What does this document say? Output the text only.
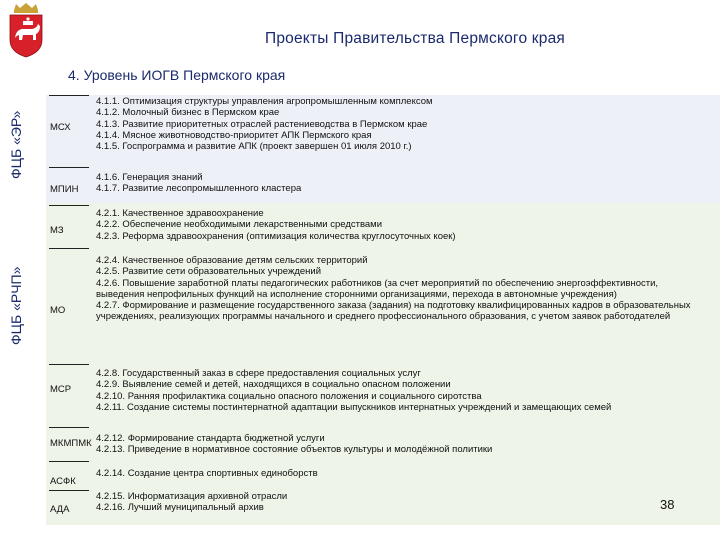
Проекты Правительства Пермского края
4. Уровень ИОГВ Пермского края
ФЦБ «ЭР»
ФЦБ «РЧП»
МСХ
МПИН
МЗ
МО
МСР
МКМПМК
АСФК
АДА
4.1.1. Оптимизация структуры управления агропромышленным комплексом
4.1.2. Молочный бизнес в Пермском крае
4.1.3. Развитие приоритетных отраслей растениеводства в Пермском крае
4.1.4. Мясное животноводство-приоритет АПК Пермского края
4.1.5. Госпрограмма и развитие АПК (проект завершен 01 июля 2010 г.)
4.1.6. Генерация знаний
4.1.7. Развитие лесопромышленного кластера
4.2.1. Качественное здравоохранение
4.2.2. Обеспечение необходимыми лекарственными средствами
4.2.3. Реформа здравоохранения (оптимизация количества круглосуточных коек)
4.2.4. Качественное образование детям сельских территорий
4.2.5. Развитие сети образовательных учреждений
4.2.6. Повышение заработной платы педагогических работников (за счет мероприятий по обеспечению энергоэффективности, выведения непрофильных функций на исполнение сторонними организациями, перехода в автономные учреждения)
4.2.7. Формирование и размещение государственного заказа (задания) на подготовку квалифицированных кадров в образовательных учреждениях, реализующих программы начального и среднего профессионального образования, с учетом заявок работодателей
4.2.8. Государственный заказ в сфере предоставления социальных услуг
4.2.9. Выявление семей и детей, находящихся в социально опасном положении
4.2.10. Ранняя профилактика социально опасного положения и социального сиротства
4.2.11. Создание системы постинтернатной адаптации выпускников интернатных учреждений и замещающих семей
4.2.12. Формирование стандарта бюджетной услуги
4.2.13. Приведение в нормативное состояние объектов культуры и молодёжной политики
4.2.14. Создание центра спортивных единоборств
4.2.15. Информатизация архивной отрасли
4.2.16. Лучший муниципальный архив	38
